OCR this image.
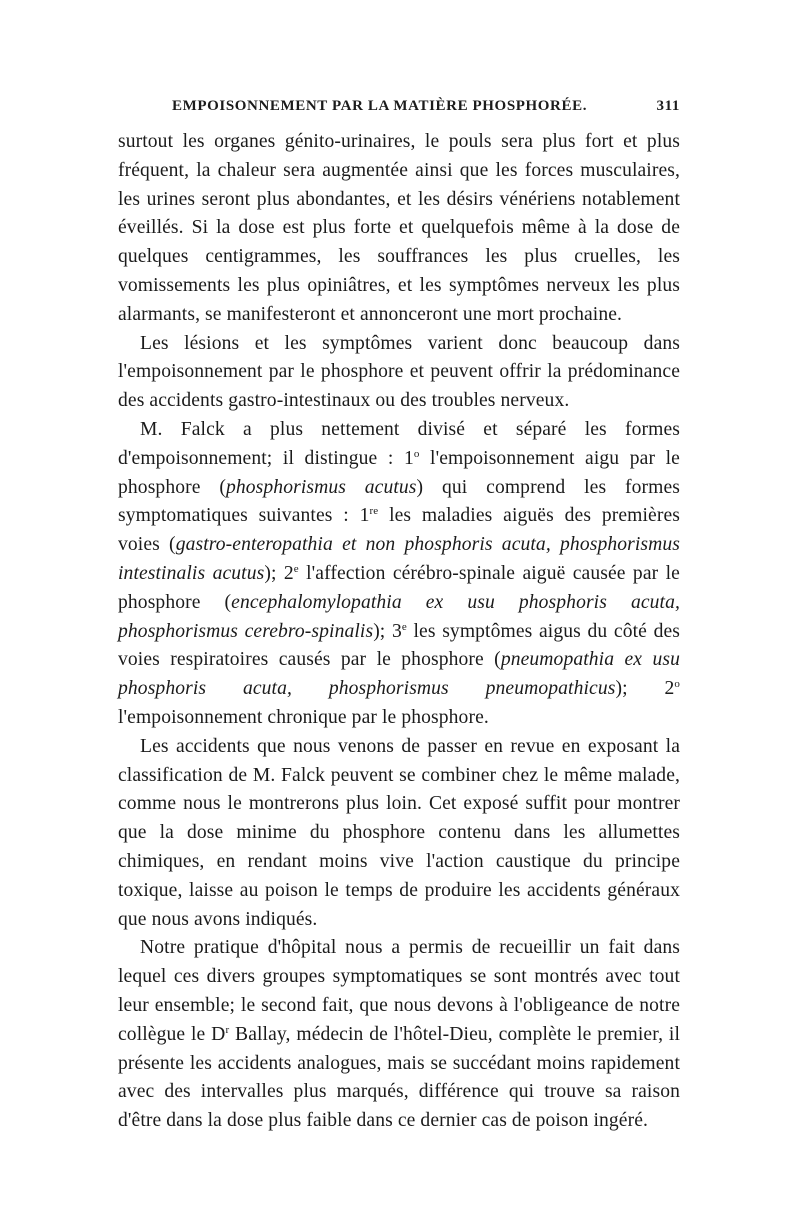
EMPOISONNEMENT PAR LA MATIÈRE PHOSPHORÉE.	311

surtout les organes génito-urinaires, le pouls sera plus fort et plus fréquent, la chaleur sera augmentée ainsi que les forces musculaires, les urines seront plus abondantes, et les désirs vénériens notablement éveillés. Si la dose est plus forte et quelquefois même à la dose de quelques centigrammes, les souffrances les plus cruelles, les vomissements les plus opiniâtres, et les symptômes nerveux les plus alarmants, se manifesteront et annonceront une mort prochaine.

Les lésions et les symptômes varient donc beaucoup dans l'empoisonnement par le phosphore et peuvent offrir la prédominance des accidents gastro-intestinaux ou des troubles nerveux.

M. Falck a plus nettement divisé et séparé les formes d'empoisonnement; il distingue : 1$^o$ l'empoisonnement aigu par le phosphore (phosphorismus acutus) qui comprend les formes symptomatiques suivantes : 1re les maladies aiguës des premières voies (gastro-enteropathia et non phosphoris acuta, phosphorismus intestinalis acutus); 2e l'affection cérébro-spinale aiguë causée par le phosphore (encephalomylopathia ex usu phosphoris acuta, phosphorismus cerebro-spinalis); 3e les symptômes aigus du côté des voies respiratoires causés par le phosphore (pneumopathia ex usu phosphoris acuta, phosphorismus pneumopathicus); 2$^o$ l'empoisonnement chronique par le phosphore.

Les accidents que nous venons de passer en revue en exposant la classification de M. Falck peuvent se combiner chez le même malade, comme nous le montrerons plus loin. Cet exposé suffit pour montrer que la dose minime du phosphore contenu dans les allumettes chimiques, en rendant moins vive l'action caustique du principe toxique, laisse au poison le temps de produire les accidents généraux que nous avons indiqués.

Notre pratique d'hôpital nous a permis de recueillir un fait dans lequel ces divers groupes symptomatiques se sont montrés avec tout leur ensemble; le second fait, que nous devons à l'obligeance de notre collègue le $D^r$ Ballay, médecin de l'hôtel-Dieu, complète le premier, il présente les accidents analogues, mais se succédant moins rapidement avec des intervalles plus marqués, différence qui trouve sa raison d'être dans la dose plus faible dans ce dernier cas de poison ingéré.
